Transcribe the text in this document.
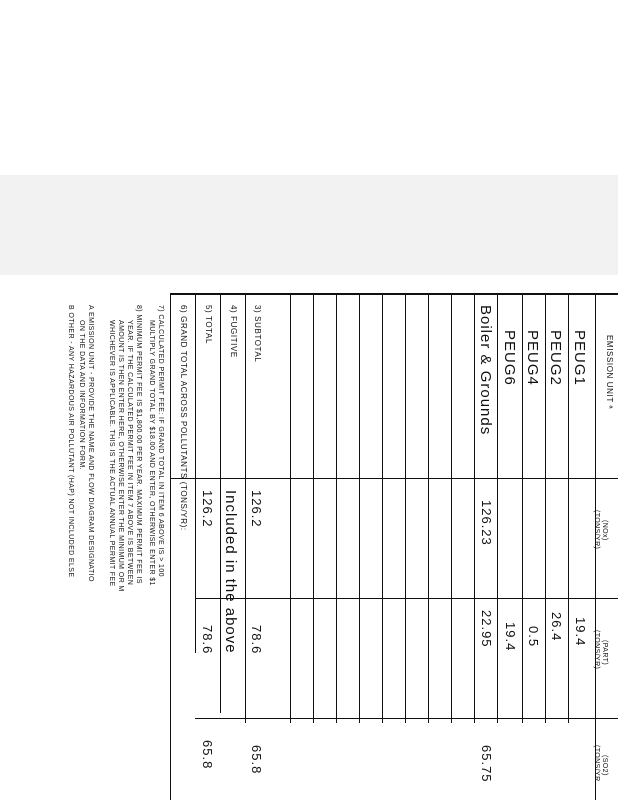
EMISSION UNIT ª
(NOx)
(TONS/YR)
(PART)
(TONS/YR)
(SO2)
(TONS/YR
PEUG1
19.4
PEUG2
26.4
PEUG4
0.5
PEUG6
19.4
Boiler & Grounds
126.23
22.95
65.75
3) SUBTOTAL
126.2
78.6
65.8
4) FUGITIVE
Included in the above
5) TOTAL
126.2
78.6
65.8
6) GRAND TOTAL ACROSS POLLUTANTS (TONS/YR):
7) CALCULATED PERMIT FEE: IF GRAND TOTAL IN ITEM 6 ABOVE IS > 100
MULTIPLY GRAND TOTAL BY $18.00 AND ENTER, OTHERWISE ENTER $1
8) MINIMUM PERMIT FEE IS $1,800.00 PER YEAR. MAXIMUM PERMIT FEE IS
YEAR. IF THE CALCULATED PERMIT FEE IN ITEM 7 ABOVE IS BETWEEN
AMOUNT IS THEN ENTER HERE, OTHERWISE ENTER THE MINIMUM OR M
WHICHEVER IS APPLICABLE. THIS IS THE ACTUAL ANNUAL PERMIT FEE
A EMISSION UNIT - PROVIDE THE NAME AND FLOW DIAGRAM DESIGNATIO
ON THE DATA AND INFORMATION FORM.
B OTHER - ANY HAZARDOUS AIR POLLUTANT (HAP) NOT INCLUDED ELSE
